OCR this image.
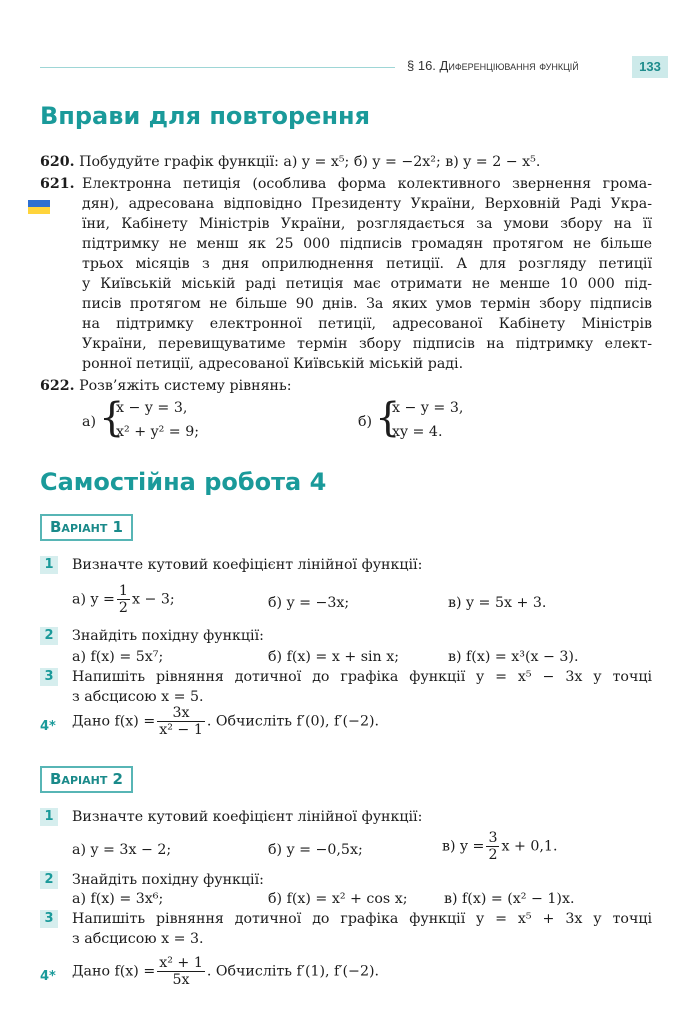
§ 16. Диференціювання функцій	133
Вправи для повторення
620. Побудуйте графік функції: а) y = x⁵; б) y = −2x²; в) y = 2 − x⁵.
621. Електронна петиція (особлива форма колективного звернення грома-
дян), адресована відповідно Президенту України, Верховній Раді Укра-
їни, Кабінету Міністрів України, розглядається за умови збору на її
підтримку не менш як 25 000 підписів громадян протягом не більше
трьох місяців з дня оприлюднення петиції. А для розгляду петиції
у Київській міській раді петиція має отримати не менше 10 000 під-
писів протягом не більше 90 днів. За яких умов термін збору підписів
на підтримку електронної петиції, адресованої Кабінету Міністрів
України, перевищуватиме термін збору підписів на підтримку елект-
ронної петиції, адресованої Київській міській раді.
622. Розв’яжіть систему рівнянь:
а) {
x − y = 3,
x² + y² = 9;
б) {
x − y = 3,
xy = 4.
Самостійна робота 4
Варіант 1
1	Визначте кутовий коефіцієнт лінійної функції:
а) $y = \frac{1}{2}$ x − 3;	б) y = −3x;	в) y = 5x + 3.
2	Знайдіть похідну функції:
а) f(x) = 5x⁷;	б) f(x) = x + sin x;	в) f(x) = x³(x − 3).
3	Напишіть рівняння дотичної до графіка функції y = x⁵ − 3x у точці
з абсцисою x = 5.
4* Дано $f(x) = \frac{3x}{\text{x² − 1}}$ . Обчисліть f′(0), f′(−2).
Варіант 2
1	Визначте кутовий коефіцієнт лінійної функції:
а) y = 3x − 2;	б) y = −0,5x;	в) $y = \frac{3}{2}$ x + 0,1.
2	Знайдіть похідну функції:
а) f(x) = 3x⁶;	б) f(x) = x² + cos x;	в) f(x) = (x² − 1)x.
3	Напишіть рівняння дотичної до графіка функції y = x⁵ + 3x у точці
з абсцисою x = 3.
4* Дано $f(x) = \frac{\text{x² + 1}}{5x}$ . Обчисліть f′(1), f′(−2).
